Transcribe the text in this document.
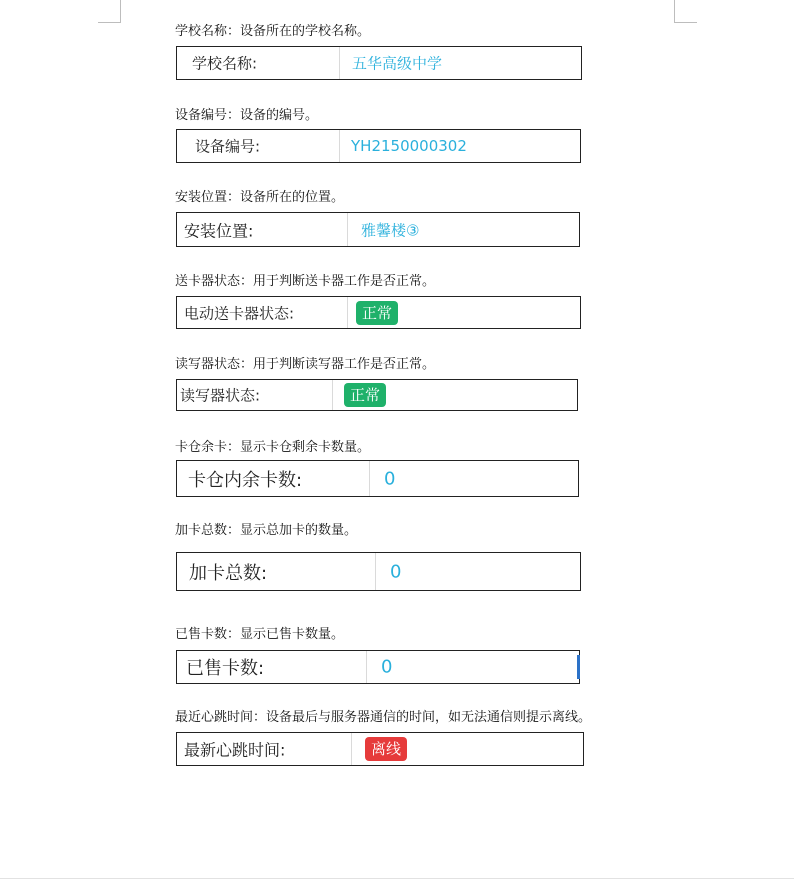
学校名称：设备所在的学校名称。
学校名称:	五华高级中学
设备编号：设备的编号。
设备编号:	YH2150000302
安装位置：设备所在的位置。
安装位置:	雅馨楼③
送卡器状态：用于判断送卡器工作是否正常。
电动送卡器状态:	正常
读写器状态：用于判断读写器工作是否正常。
读写器状态:	正常
卡仓余卡：显示卡仓剩余卡数量。
卡仓内余卡数:	0
加卡总数：显示总加卡的数量。
加卡总数:	0
已售卡数：显示已售卡数量。
已售卡数:	0
最近心跳时间：设备最后与服务器通信的时间，如无法通信则提示离线。
最新心跳时间:	离线
